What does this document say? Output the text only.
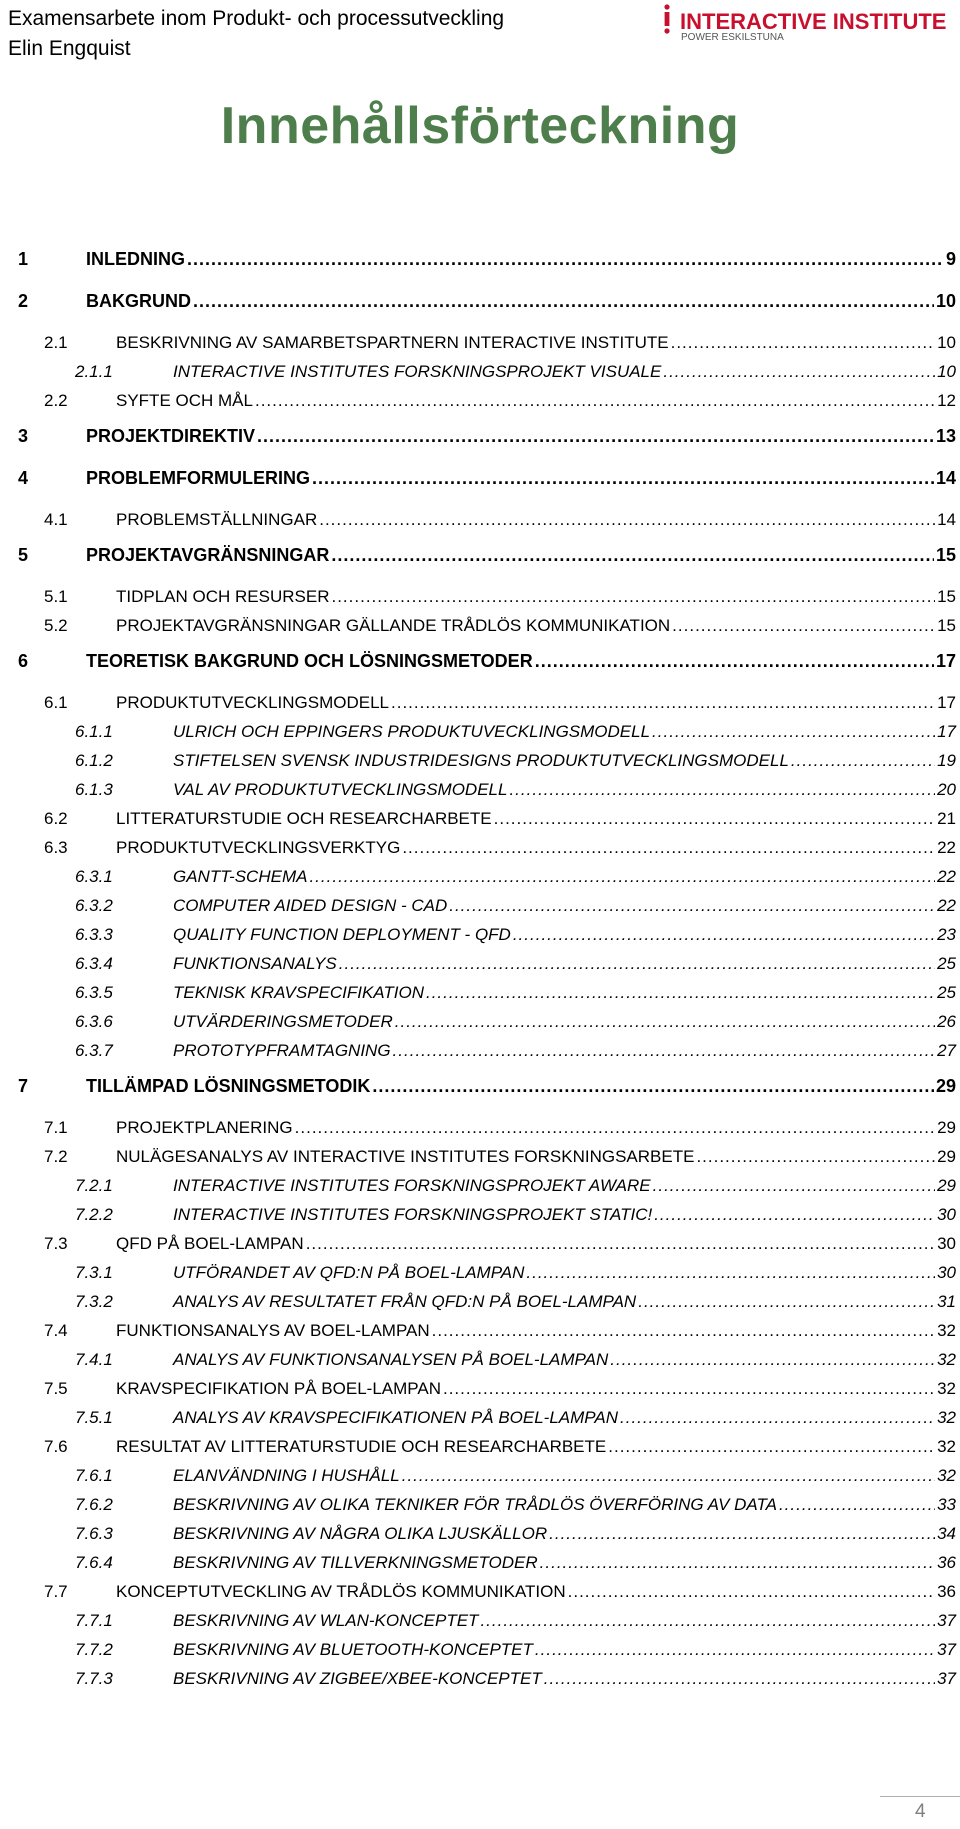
Examensarbete inom Produkt- och processutveckling
Elin Engquist
INTERACTIVE INSTITUTE
POWER ESKILSTUNA
Innehållsförteckning
1	INLEDNING .....	9
2	BAKGRUND .....	10
2.1	BESKRIVNING AV SAMARBETSPARTNERN INTERACTIVE INSTITUTE .....	10
2.1.1	INTERACTIVE INSTITUTES FORSKNINGSPROJEKT VISUALE .....	10
2.2	SYFTE OCH MÅL .....	12
3	PROJEKTDIREKTIV .....	13
4	PROBLEMFORMULERING .....	14
4.1	PROBLEMSTÄLLNINGAR .....	14
5	PROJEKTAVGRÄNSNINGAR .....	15
5.1	TIDPLAN OCH RESURSER .....	15
5.2	PROJEKTAVGRÄNSNINGAR GÄLLANDE TRÅDLÖS KOMMUNIKATION .....	15
6	TEORETISK BAKGRUND OCH LÖSNINGSMETODER .....	17
6.1	PRODUKTUTVECKLINGSMODELL .....	17
6.1.1	ULRICH OCH EPPINGERS PRODUKTUVECKLINGSMODELL .....	17
6.1.2	STIFTELSEN SVENSK INDUSTRIDESIGNS PRODUKTUTVECKLINGSMODELL .....	19
6.1.3	VAL AV PRODUKTUTVECKLINGSMODELL .....	20
6.2	LITTERATURSTUDIE OCH RESEARCHARBETE .....	21
6.3	PRODUKTUTVECKLINGSVERKTYG .....	22
6.3.1	GANTT-SCHEMA .....	22
6.3.2	COMPUTER AIDED DESIGN - CAD .....	22
6.3.3	QUALITY FUNCTION DEPLOYMENT - QFD .....	23
6.3.4	FUNKTIONSANALYS .....	25
6.3.5	TEKNISK KRAVSPECIFIKATION .....	25
6.3.6	UTVÄRDERINGSMETODER .....	26
6.3.7	PROTOTYPFRAMTAGNING .....	27
7	TILLÄMPAD LÖSNINGSMETODIK .....	29
7.1	PROJEKTPLANERING .....	29
7.2	NULÄGESANALYS AV INTERACTIVE INSTITUTES FORSKNINGSARBETE .....	29
7.2.1	INTERACTIVE INSTITUTES FORSKNINGSPROJEKT AWARE .....	29
7.2.2	INTERACTIVE INSTITUTES FORSKNINGSPROJEKT STATIC! .....	30
7.3	QFD PÅ BOEL-LAMPAN .....	30
7.3.1	UTFÖRANDET AV QFD:N PÅ BOEL-LAMPAN .....	30
7.3.2	ANALYS AV RESULTATET FRÅN QFD:N PÅ BOEL-LAMPAN .....	31
7.4	FUNKTIONSANALYS AV BOEL-LAMPAN .....	32
7.4.1	ANALYS AV FUNKTIONSANALYSEN PÅ BOEL-LAMPAN .....	32
7.5	KRAVSPECIFIKATION PÅ BOEL-LAMPAN .....	32
7.5.1	ANALYS AV KRAVSPECIFIKATIONEN PÅ BOEL-LAMPAN .....	32
7.6	RESULTAT AV LITTERATURSTUDIE OCH RESEARCHARBETE .....	32
7.6.1	ELANVÄNDNING I HUSHÅLL .....	32
7.6.2	BESKRIVNING AV OLIKA TEKNIKER FÖR TRÅDLÖS ÖVERFÖRING AV DATA .....	33
7.6.3	BESKRIVNING AV NÅGRA OLIKA LJUSKÄLLOR .....	34
7.6.4	BESKRIVNING AV TILLVERKNINGSMETODER .....	36
7.7	KONCEPTUTVECKLING AV TRÅDLÖS KOMMUNIKATION .....	36
7.7.1	BESKRIVNING AV WLAN-KONCEPTET .....	37
7.7.2	BESKRIVNING AV BLUETOOTH-KONCEPTET .....	37
7.7.3	BESKRIVNING AV ZIGBEE/XBEE-KONCEPTET .....	37
4
